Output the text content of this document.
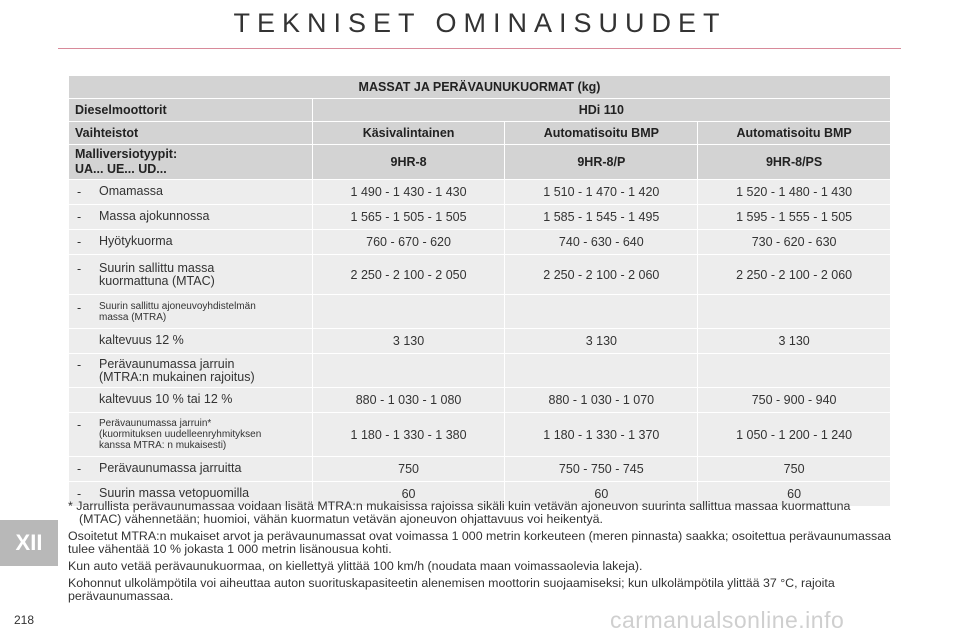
TEKNISET OMINAISUUDET
MASSAT JA PERÄVAUNUKUORMAT (kg)			
Dieselmoottorit	HDi 110		
Vaihteistot	Käsivalintainen	Automatisoitu BMP	Automatisoitu BMP

Malliversiotyypit:
UA... UE... UD...	9HR-8	9HR-8/P	9HR-8/PS
- Omamassa	1 490 - 1 430 - 1 430	1 510 - 1 470 - 1 420	1 520 - 1 480 - 1 430
- Massa ajokunnossa	1 565 - 1 505 - 1 505	1 585 - 1 545 - 1 495	1 595 - 1 555 - 1 505
- Hyötykuorma	760 - 670 - 620	740 - 630 - 640	730 - 620 - 630
- Suurin sallittu massa
kuormattuna (MTAC)	2 250 - 2 100 - 2 050	2 250 - 2 100 - 2 060	2 250 - 2 100 - 2 060
- Suurin sallittu ajoneuvoyhdistelmän
massa (MTRA)			
kaltevuus 12 %	3 130	3 130	3 130
- Perävaunumassa jarruin
(MTRA:n mukainen rajoitus)			
kaltevuus 10 % tai 12 %	880 - 1 030 - 1 080	880 - 1 030 - 1 070	750 - 900 - 940
- Perävaunumassa jarruin*
(kuormituksen uudelleenryhmityksen
kanssa MTRA: n mukaisesti)	1 180 - 1 330 - 1 380	1 180 - 1 330 - 1 370	1 050 - 1 200 - 1 240
- Perävaunumassa jarruitta	750	750 - 750 - 745	750
- Suurin massa vetopuomilla	60	60	60

* Jarrullista perävaunumassaa voidaan lisätä MTRA:n mukaisissa rajoissa sikäli kuin vetävän ajoneuvon suurinta sallittua massaa kuormattuna (MTAC) vähennetään; huomioi, vähän kuormatun vetävän ajoneuvon ohjattavuus voi heikentyä.

Osoitetut MTRA:n mukaiset arvot ja perävaunumassat ovat voimassa 1 000 metrin korkeuteen (meren pinnasta) saakka; osoitettua perävaunumassaa tulee vähentää 10 % jokasta 1 000 metrin lisänousua kohti.

Kun auto vetää perävaunukuormaa, on kiellettyä ylittää 100 km/h (noudata maan voimassaolevia lakeja).

Kohonnut ulkolämpötila voi aiheuttaa auton suorituskapasiteetin alenemisen moottorin suojaamiseksi; kun ulkolämpötila ylittää 37 °C, rajoita perävaunumassaa.

XII
218	carmanualsonline.info
